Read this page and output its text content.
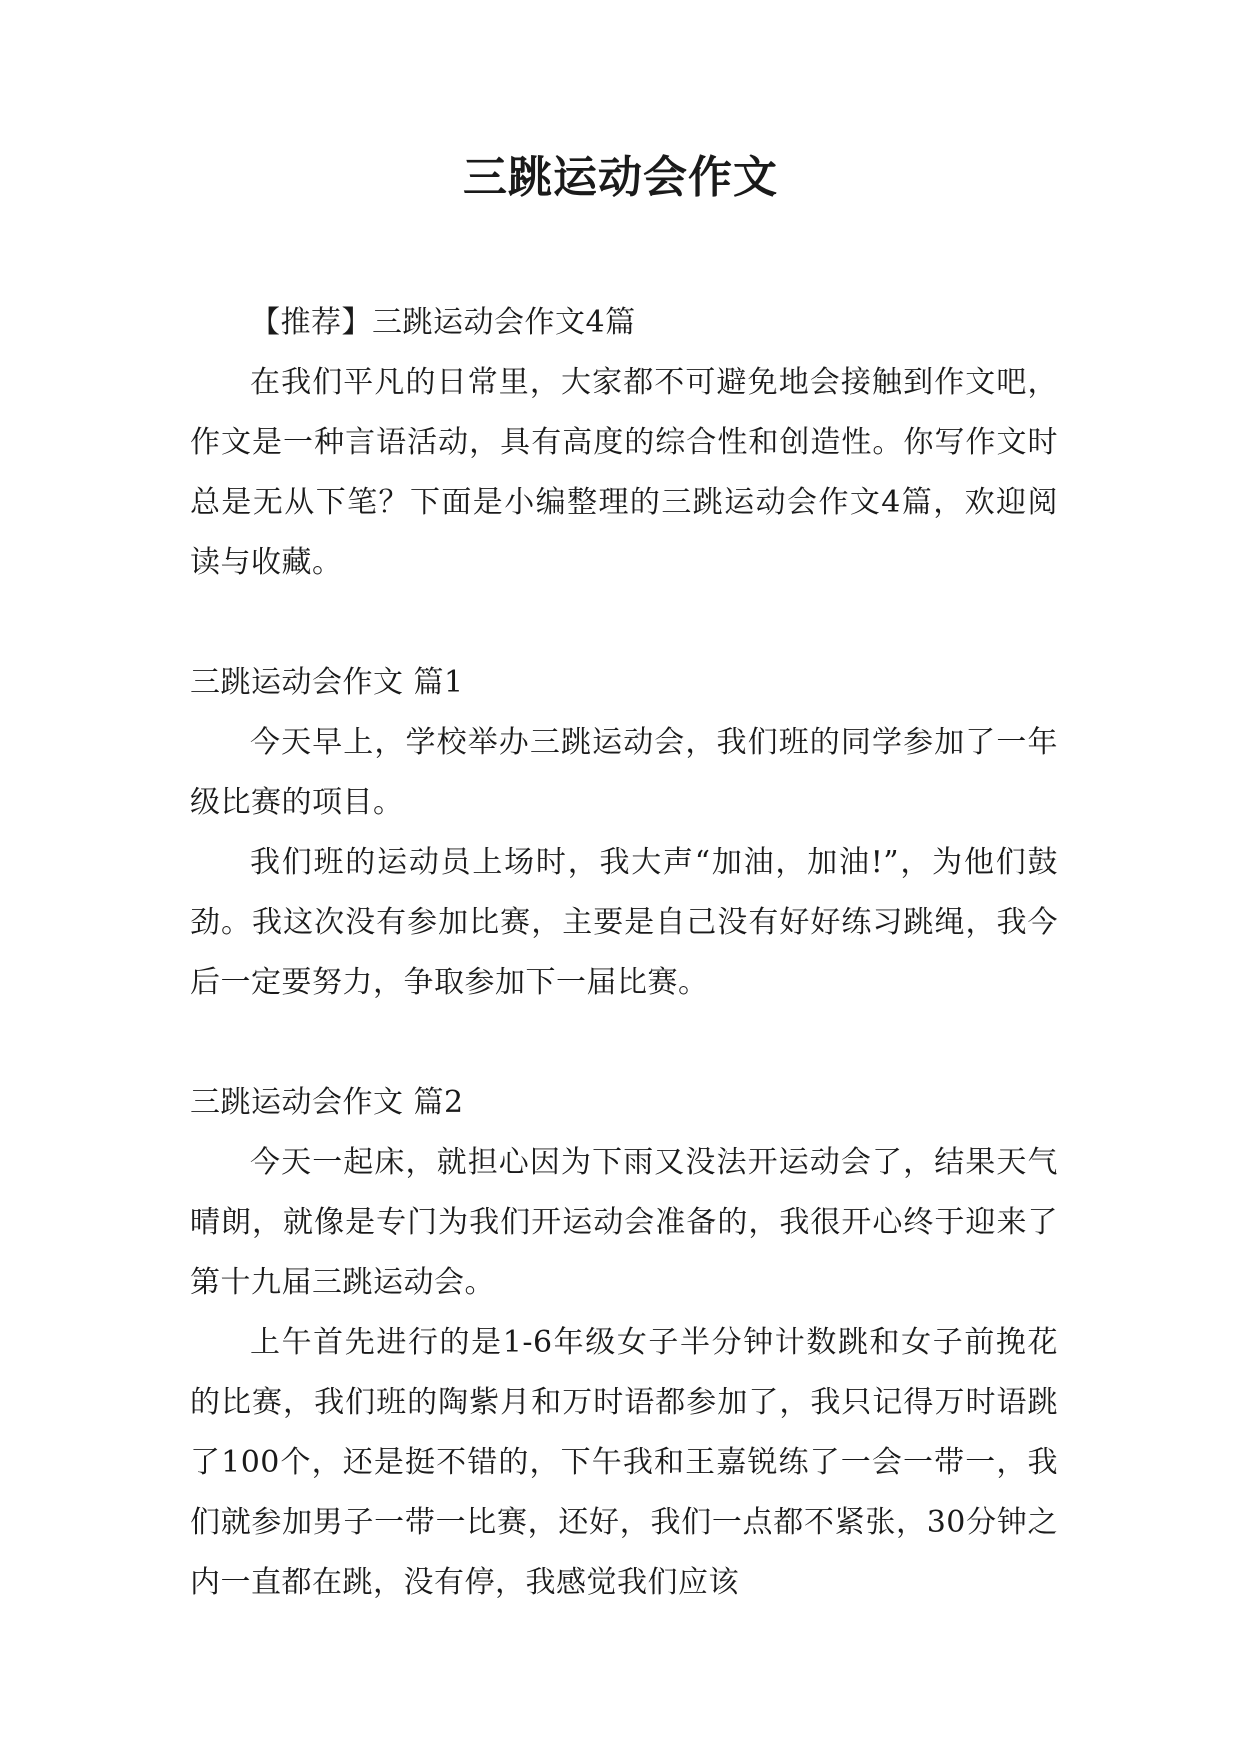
三跳运动会作文

【推荐】三跳运动会作文4篇

在我们平凡的日常里，大家都不可避免地会接触到作文吧，作文是一种言语活动，具有高度的综合性和创造性。你写作文时总是无从下笔？下面是小编整理的三跳运动会作文4篇，欢迎阅读与收藏。

三跳运动会作文 篇1

今天早上，学校举办三跳运动会，我们班的同学参加了一年级比赛的项目。

我们班的运动员上场时，我大声“加油，加油!”，为他们鼓劲。我这次没有参加比赛，主要是自己没有好好练习跳绳，我今后一定要努力，争取参加下一届比赛。

三跳运动会作文 篇2

今天一起床，就担心因为下雨又没法开运动会了，结果天气晴朗，就像是专门为我们开运动会准备的，我很开心终于迎来了第十九届三跳运动会。

上午首先进行的是1-6年级女子半分钟计数跳和女子前挽花的比赛，我们班的陶紫月和万时语都参加了，我只记得万时语跳了100个，还是挺不错的，下午我和王嘉锐练了一会一带一，我们就参加男子一带一比赛，还好，我们一点都不紧张，30分钟之内一直都在跳，没有停，我感觉我们应该
